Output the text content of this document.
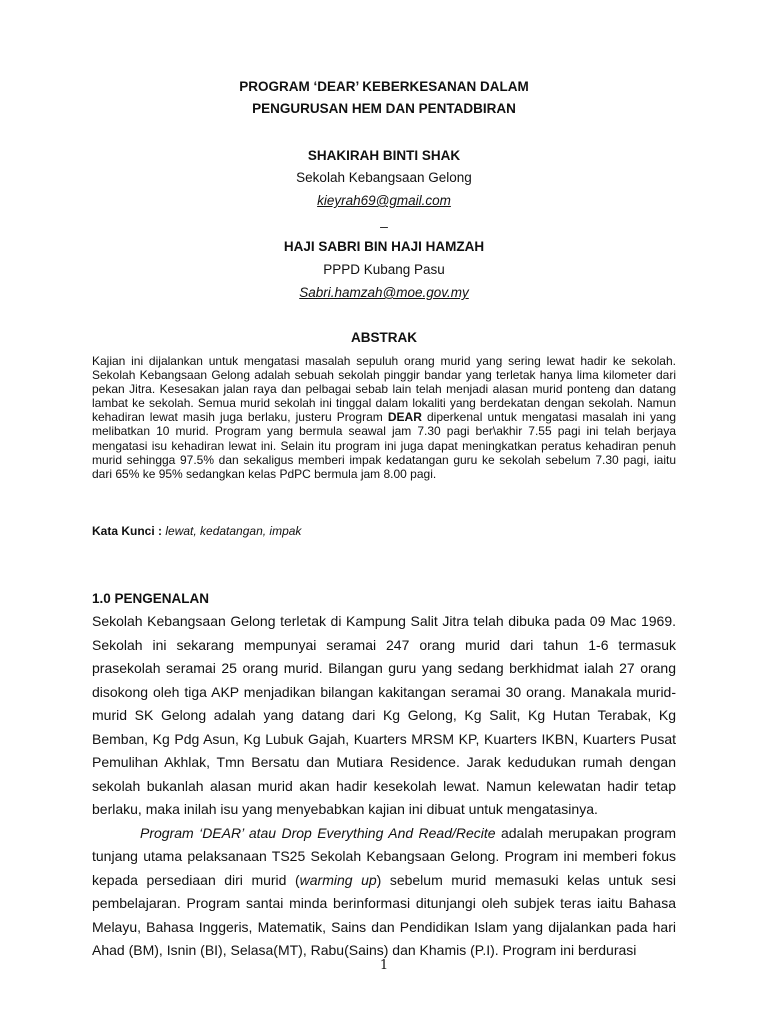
PROGRAM ‘DEAR’ KEBERKESANAN DALAM
PENGURUSAN HEM DAN PENTADBIRAN
SHAKIRAH BINTI SHAK
Sekolah Kebangsaan Gelong
kieyrah69@gmail.com
_
HAJI SABRI BIN HAJI HAMZAH
PPPD Kubang Pasu
Sabri.hamzah@moe.gov.my
ABSTRAK
Kajian ini dijalankan untuk mengatasi masalah sepuluh orang murid yang sering lewat hadir ke sekolah. Sekolah Kebangsaan Gelong adalah sebuah sekolah pinggir bandar yang terletak hanya lima kilometer dari pekan Jitra. Kesesakan jalan raya dan pelbagai sebab lain telah menjadi alasan murid ponteng dan datang lambat ke sekolah. Semua murid sekolah ini tinggal dalam lokaliti yang berdekatan dengan sekolah. Namun kehadiran lewat masih juga berlaku, justeru Program DEAR diperkenal untuk mengatasi masalah ini yang melibatkan 10 murid. Program yang bermula seawal jam 7.30 pagi ber\akhir 7.55 pagi ini telah berjaya mengatasi isu kehadiran lewat ini. Selain itu program ini juga dapat meningkatkan peratus kehadiran penuh murid sehingga 97.5% dan sekaligus memberi impak kedatangan guru ke sekolah sebelum 7.30 pagi, iaitu dari 65% ke 95% sedangkan kelas PdPC bermula jam 8.00 pagi.
Kata Kunci : lewat, kedatangan, impak
1.0 PENGENALAN

Sekolah Kebangsaan Gelong terletak di Kampung Salit Jitra telah dibuka pada 09 Mac 1969. Sekolah ini sekarang mempunyai seramai 247 orang murid dari tahun 1-6 termasuk prasekolah seramai 25 orang murid. Bilangan guru yang sedang berkhidmat ialah 27 orang disokong oleh tiga AKP menjadikan bilangan kakitangan seramai 30 orang. Manakala murid-murid SK Gelong adalah yang datang dari Kg Gelong, Kg Salit, Kg Hutan Terabak, Kg Bemban, Kg Pdg Asun, Kg Lubuk Gajah, Kuarters MRSM KP, Kuarters IKBN, Kuarters Pusat Pemulihan Akhlak, Tmn Bersatu dan Mutiara Residence. Jarak kedudukan rumah dengan sekolah bukanlah alasan murid akan hadir kesekolah lewat. Namun kelewatan hadir tetap berlaku, maka inilah isu yang menyebabkan kajian ini dibuat untuk mengatasinya.

Program ‘DEAR’ atau Drop Everything And Read/Recite adalah merupakan program tunjang utama pelaksanaan TS25 Sekolah Kebangsaan Gelong. Program ini memberi fokus kepada persediaan diri murid (warming up) sebelum murid memasuki kelas untuk sesi pembelajaran. Program santai minda berinformasi ditunjangi oleh subjek teras iaitu Bahasa Melayu, Bahasa Inggeris, Matematik, Sains dan Pendidikan Islam yang dijalankan pada hari Ahad (BM), Isnin (BI), Selasa(MT), Rabu(Sains) dan Khamis (P.I). Program ini berdurasi

1
